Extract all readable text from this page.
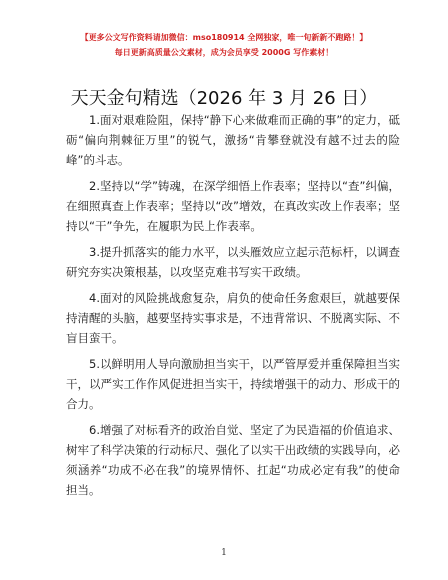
【更多公文写作资料请加微信：mso180914 全网独家，唯一旬新新不跑路！】
每日更新高质量公文素材，成为会员享受 2000G 写作素材！
天天金句精选（2026 年 3 月 26 日）

1.面对艰难险阻，保持“静下心来做难而正确的事”的定力，砥砺“偏向荆棘征万里”的锐气，激扬“肯攀登就没有越不过去的险峰”的斗志。

2.坚持以“学”铸魂，在深学细悟上作表率；坚持以“查”纠偏，在细照真查上作表率；坚持以“改”增效，在真改实改上作表率；坚持以“干”争先，在履职为民上作表率。

3.提升抓落实的能力水平，以头雁效应立起示范标杆，以调查研究夯实决策根基，以攻坚克难书写实干政绩。

4.面对的风险挑战愈复杂，肩负的使命任务愈艰巨，就越要保持清醒的头脑，越要坚持实事求是，不违背常识、不脱离实际、不盲目蛮干。

5.以鲜明用人导向激励担当实干，以严管厚爱并重保障担当实干，以严实工作作风促进担当实干，持续增强干的动力、形成干的合力。

6.增强了对标看齐的政治自觉、坚定了为民造福的价值追求、树牢了科学决策的行动标尺、强化了以实干出政绩的实践导向，必须涵养“功成不必在我”的境界情怀、扛起“功成必定有我”的使命担当。

1
